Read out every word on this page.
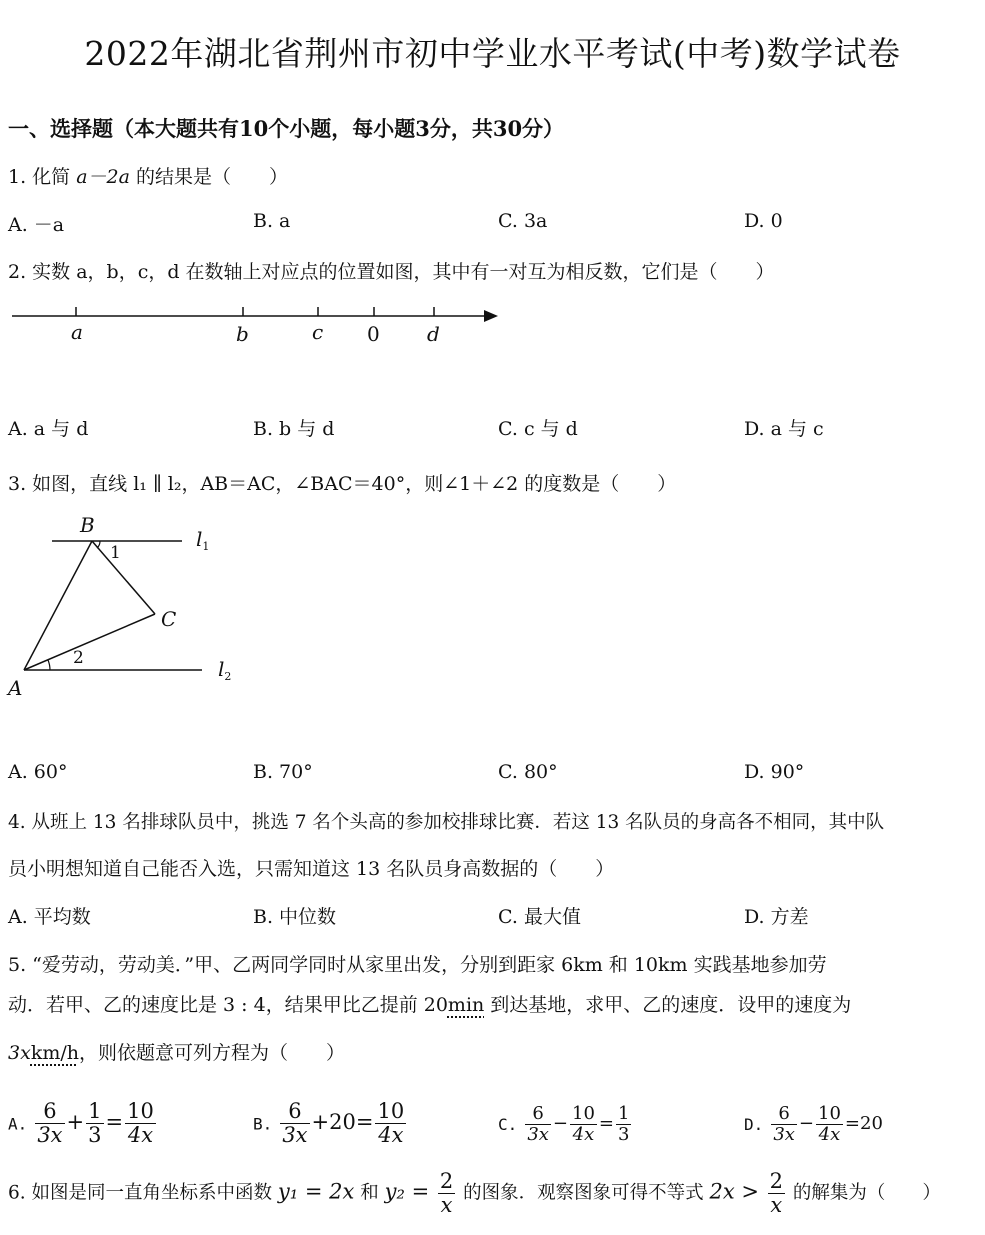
2022年湖北省荆州市初中学业水平考试(中考)数学试卷
一、选择题（本大题共有10个小题，每小题3分，共30分）
1. 化简 a－2a 的结果是（　　）
A. －a	B. a	C. 3a	D. 0
2. 实数 a，b，c，d 在数轴上对应点的位置如图，其中有一对互为相反数，它们是（　　）
a	b	c 0 d
A. a 与 d	B. b 与 d	C. c 与 d	D. a 与 c
3. 如图，直线 l₁ ∥ l₂，AB＝AC，∠BAC＝40°，则∠1＋∠2 的度数是（　　）
B
1
$l_1$
C
2	$l_2$
A
A. 60°	B. 70°	C. 80°	D. 90°
4. 从班上 13 名排球队员中，挑选 7 名个头高的参加校排球比赛．若这 13 名队员的身高各不相同，其中队
员小明想知道自己能否入选，只需知道这 13 名队员身高数据的（　　）
A. 平均数	B. 中位数	C. 最大值	D. 方差
5. “爱劳动，劳动美．”甲、乙两同学同时从家里出发，分别到距家 6km 和 10km 实践基地参加劳
动．若甲、乙的速度比是 3 : 4，结果甲比乙提前 20min 到达基地，求甲、乙的速度．设甲的速度为
3xkm/h，则依题意可列方程为（　　）
A. $\frac{6}{3x} + \frac{1}{3} = \frac{10}{4x}$	B. $\frac{6}{3x} +20= \frac{10}{4x}$	C. $\frac{6}{3x} - \frac{10}{4x} = \frac{1}{3}$	D. $\frac{6}{3x} - \frac{10}{4x} =20$
6. 如图是同一直角坐标系中函数 y₁ = 2x 和 $y_2 = \frac{2}{x}$ 的图象．观察图象可得不等式 $2x > \frac{2}{x}$ 的解集为（　　）
